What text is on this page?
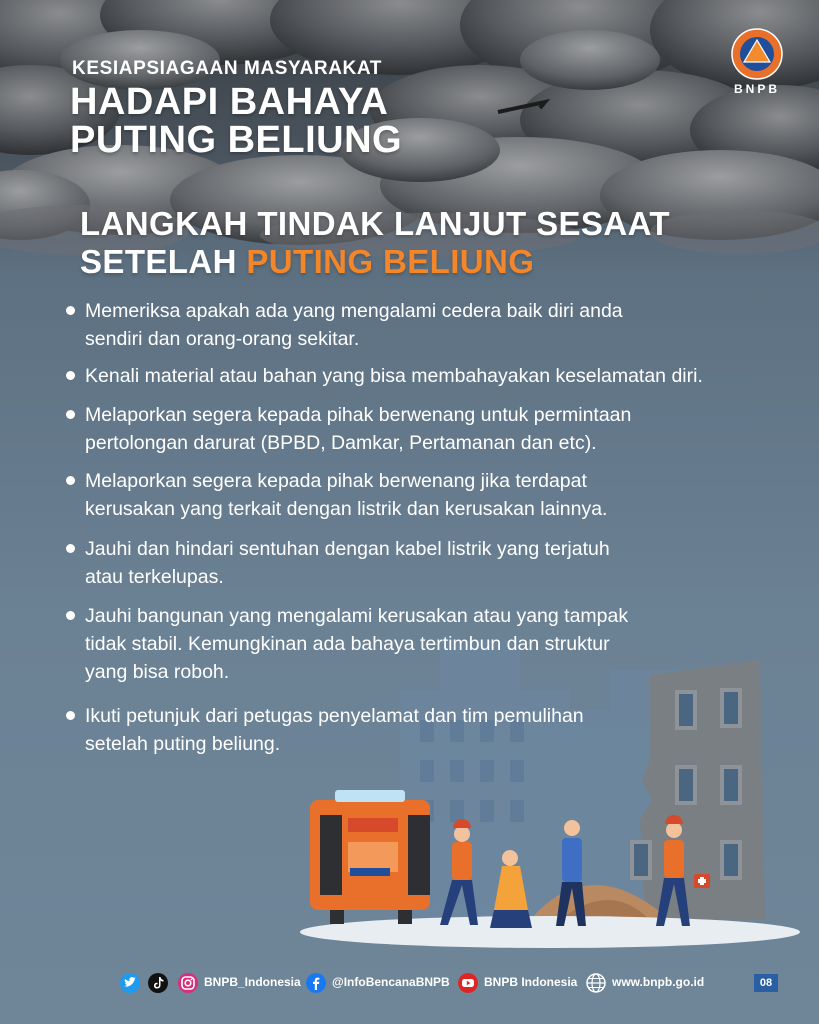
KESIAPSIAGAAN MASYARAKAT
HADAPI BAHAYA
PUTING BELIUNG
BNPB
LANGKAH TINDAK LANJUT SESAAT
SETELAH PUTING BELIUNG
Memeriksa apakah ada yang mengalami cedera baik diri anda
sendiri dan orang-orang sekitar.
Kenali material atau bahan yang bisa membahayakan keselamatan diri.
Melaporkan segera kepada pihak berwenang untuk permintaan
pertolongan darurat (BPBD, Damkar, Pertamanan dan etc).
Melaporkan segera kepada pihak berwenang jika terdapat
kerusakan yang terkait dengan listrik dan kerusakan lainnya.
Jauhi dan hindari sentuhan dengan kabel listrik yang terjatuh
atau terkelupas.
Jauhi bangunan yang mengalami kerusakan atau yang tampak
tidak stabil. Kemungkinan ada bahaya tertimbun dan struktur
yang bisa roboh.
Ikuti petunjuk dari petugas penyelamat dan tim pemulihan
setelah puting beliung.
BNPB_Indonesia	@InfoBencanaBNPB	BNPB Indonesia	www.bnpb.go.id	08
